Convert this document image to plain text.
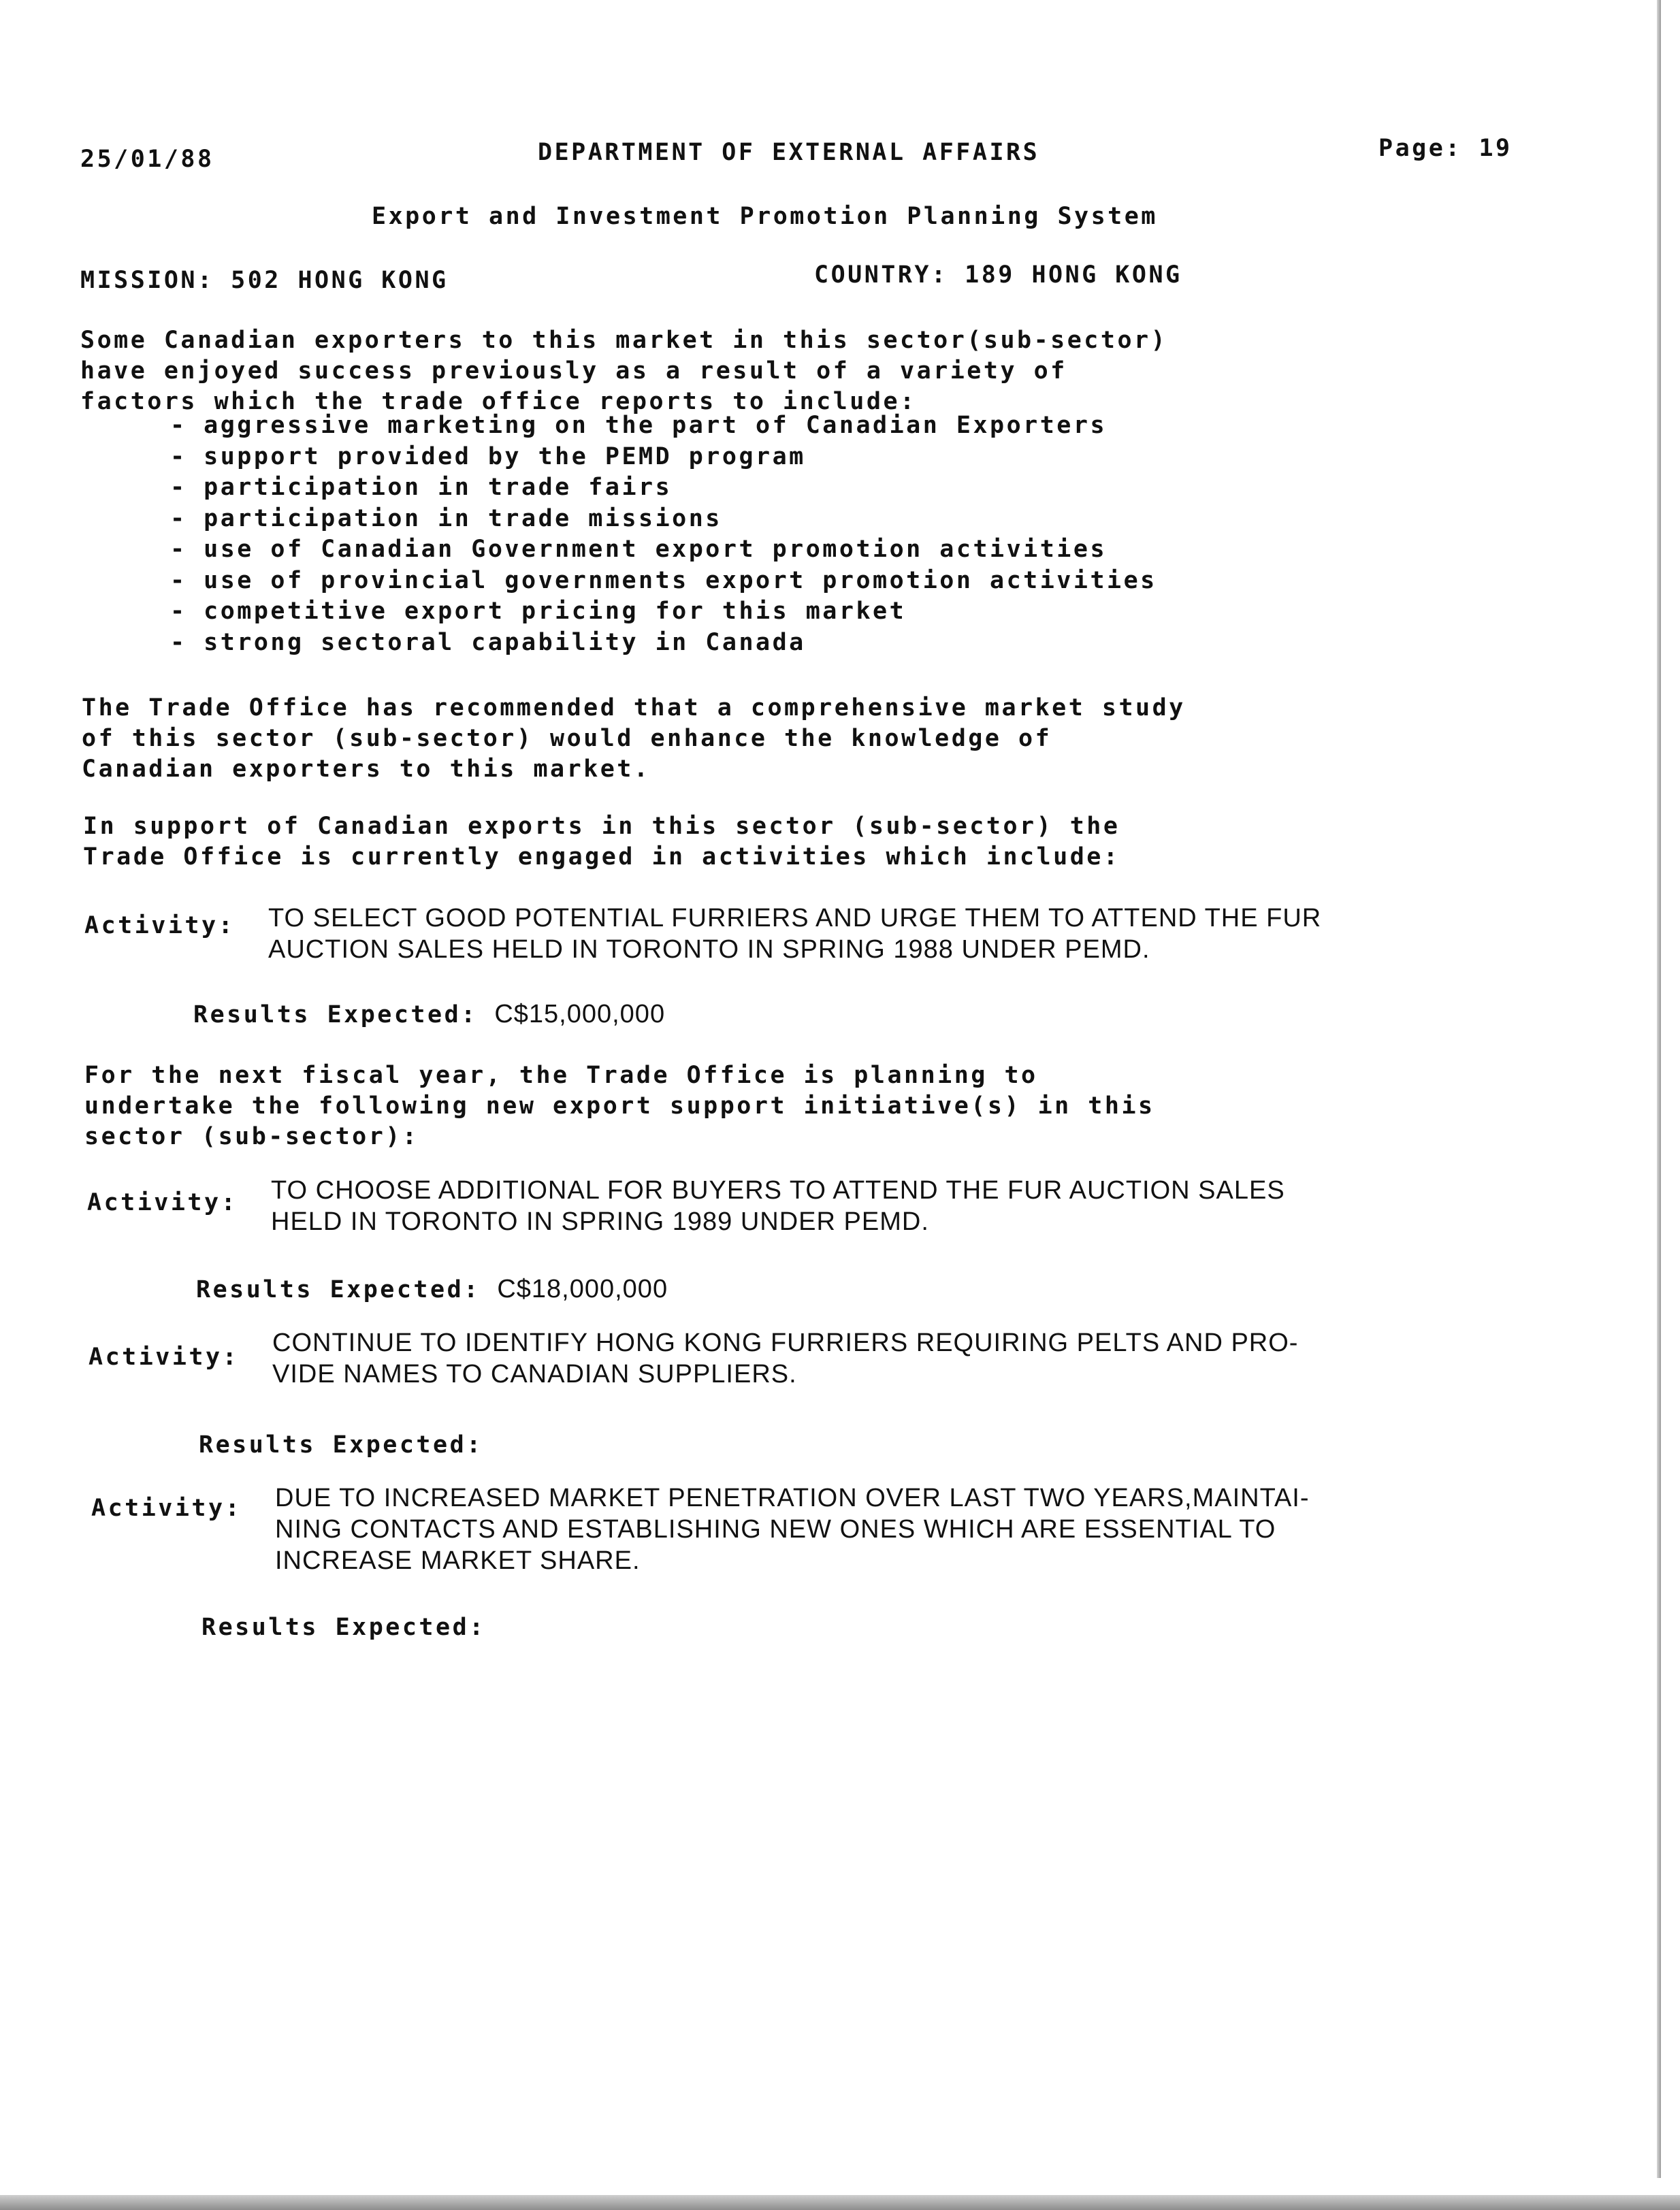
25/01/88	DEPARTMENT OF EXTERNAL AFFAIRS	Page: 19
Export and Investment Promotion Planning System
MISSION: 502 HONG KONG	COUNTRY: 189 HONG KONG

Some Canadian exporters to this market in this sector(sub-sector)
have enjoyed success previously as a result of a variety of
factors which the trade office reports to include:

- aggressive marketing on the part of Canadian Exporters
- support provided by the PEMD program
- participation in trade fairs
- participation in trade missions
- use of Canadian Government export promotion activities
- use of provincial governments export promotion activities
- competitive export pricing for this market
- strong sectoral capability in Canada

The Trade Office has recommended that a comprehensive market study
of this sector (sub-sector) would enhance the knowledge of
Canadian exporters to this market.

In support of Canadian exports in this sector (sub-sector) the
Trade Office is currently engaged in activities which include:

Activity: TO SELECT GOOD POTENTIAL FURRIERS AND URGE THEM TO ATTEND THE FUR
AUCTION SALES HELD IN TORONTO IN SPRING 1988 UNDER PEMD.

Results Expected: C$15,000,000

For the next fiscal year, the Trade Office is planning to
undertake the following new export support initiative(s) in this
sector (sub-sector):

Activity: TO CHOOSE ADDITIONAL FOR BUYERS TO ATTEND THE FUR AUCTION SALES
HELD IN TORONTO IN SPRING 1989 UNDER PEMD.

Results Expected: C$18,000,000
Activity: CONTINUE TO IDENTIFY HONG KONG FURRIERS REQUIRING PELTS AND PRO-
VIDE NAMES TO CANADIAN SUPPLIERS.

Results Expected:
Activity: DUE TO INCREASED MARKET PENETRATION OVER LAST TWO YEARS,MAINTAI-
NING CONTACTS AND ESTABLISHING NEW ONES WHICH ARE ESSENTIAL TO
INCREASE MARKET SHARE.

Results Expected:
